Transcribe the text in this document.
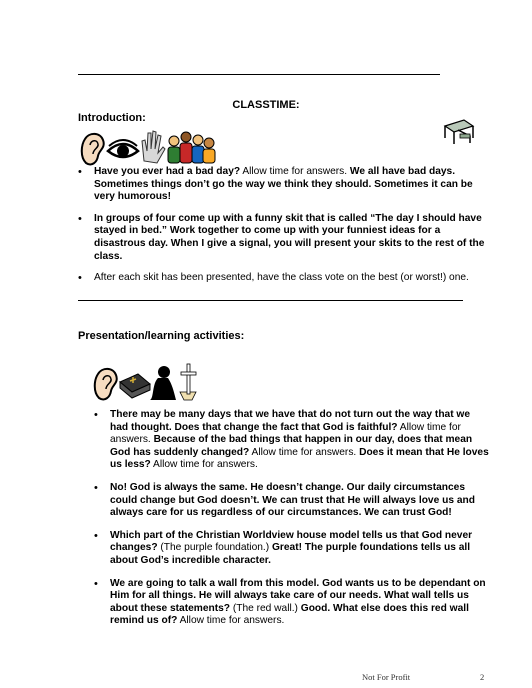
CLASSTIME:
Introduction:
• Have you ever had a bad day? Allow time for answers. We all have bad days. Sometimes things don’t go the way we think they should. Sometimes it can be very humorous!
• In groups of four come up with a funny skit that is called “The day I should have stayed in bed.” Work together to come up with your funniest ideas for a disastrous day. When I give a signal, you will present your skits to the rest of the class.
• After each skit has been presented, have the class vote on the best (or worst!) one.
Presentation/learning activities:
• There may be many days that we have that do not turn out the way that we had thought. Does that change the fact that God is faithful? Allow time for answers. Because of the bad things that happen in our day, does that mean God has suddenly changed? Allow time for answers. Does it mean that He loves us less? Allow time for answers.
• No! God is always the same. He doesn’t change. Our daily circumstances could change but God doesn’t. We can trust that He will always love us and always care for us regardless of our circumstances. We can trust God!
• Which part of the Christian Worldview house model tells us that God never changes? (The purple foundation.) Great! The purple foundations tells us all about God’s incredible character.
• We are going to talk a wall from this model. God wants us to be dependant on Him for all things. He will always take care of our needs. What wall tells us about these statements? (The red wall.) Good. What else does this red wall remind us of? Allow time for answers.
Not For Profit	2
